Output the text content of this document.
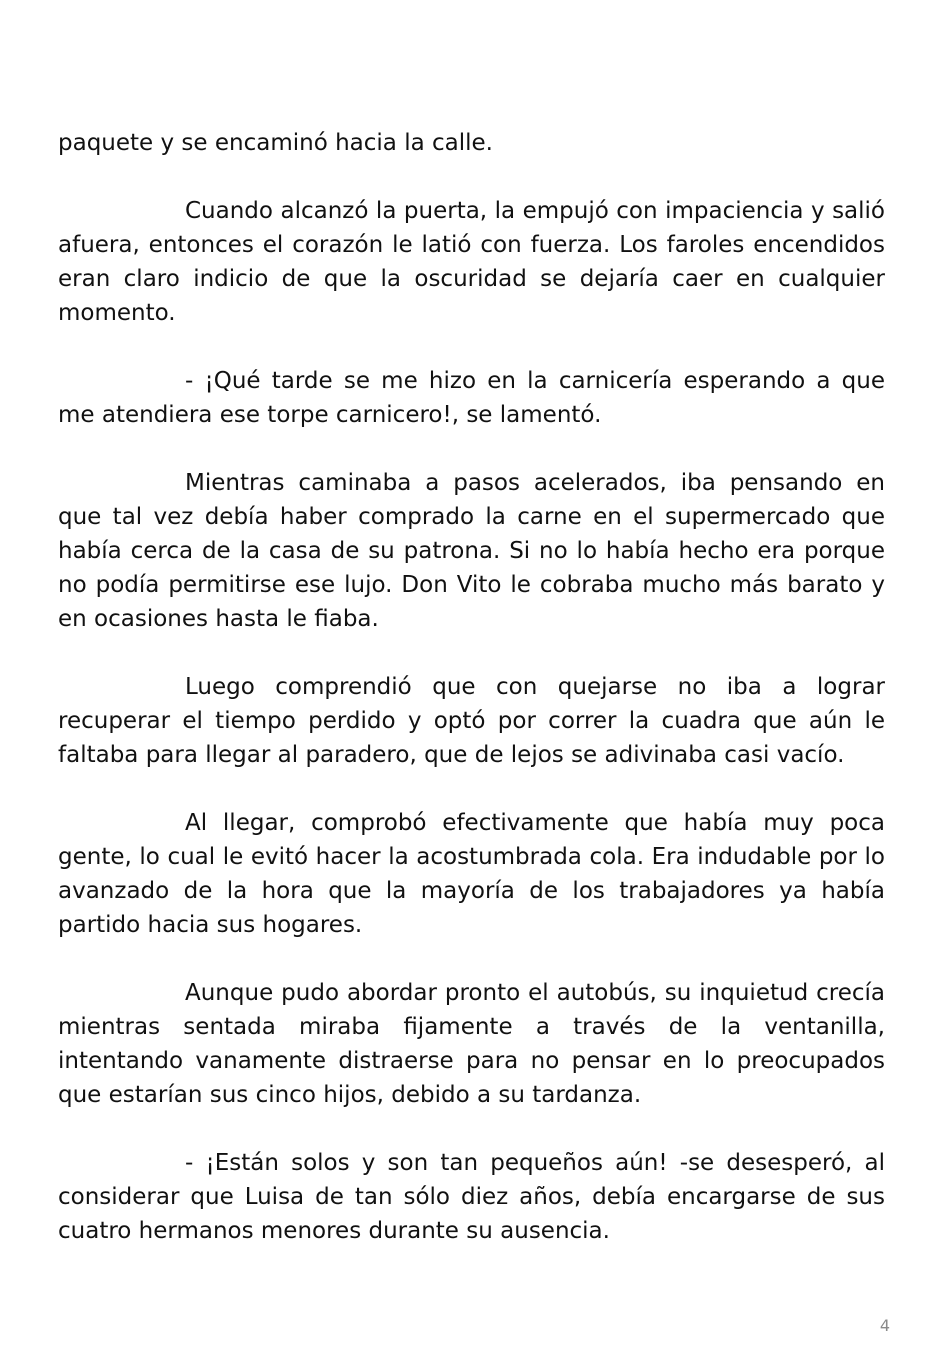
paquete y se encaminó hacia la calle.

Cuando alcanzó la puerta, la empujó con impaciencia y salió afuera, entonces el corazón le latió con fuerza. Los faroles encendidos eran claro indicio de que la oscuridad se dejaría caer en cualquier momento.

- ¡Qué tarde se me hizo en la carnicería esperando a que me atendiera ese torpe carnicero!, se lamentó.

Mientras caminaba a pasos acelerados, iba pensando en que tal vez debía haber comprado la carne en el supermercado que había cerca de la casa de su patrona. Si no lo había hecho era porque no podía permitirse ese lujo. Don Vito le cobraba mucho más barato y en ocasiones hasta le fiaba.

Luego comprendió que con quejarse no iba a lograr recuperar el tiempo perdido y optó por correr la cuadra que aún le faltaba para llegar al paradero, que de lejos se adivinaba casi vacío.

Al llegar, comprobó efectivamente que había muy poca gente, lo cual le evitó hacer la acostumbrada cola. Era indudable por lo avanzado de la hora que la mayoría de los trabajadores ya había partido hacia sus hogares.

Aunque pudo abordar pronto el autobús, su inquietud crecía mientras sentada miraba fijamente a través de la ventanilla, intentando vanamente distraerse para no pensar en lo preocupados que estarían sus cinco hijos, debido a su tardanza.

- ¡Están solos y son tan pequeños aún! -se desesperó, al considerar que Luisa de tan sólo diez años, debía encargarse de sus cuatro hermanos menores durante su ausencia.

4
